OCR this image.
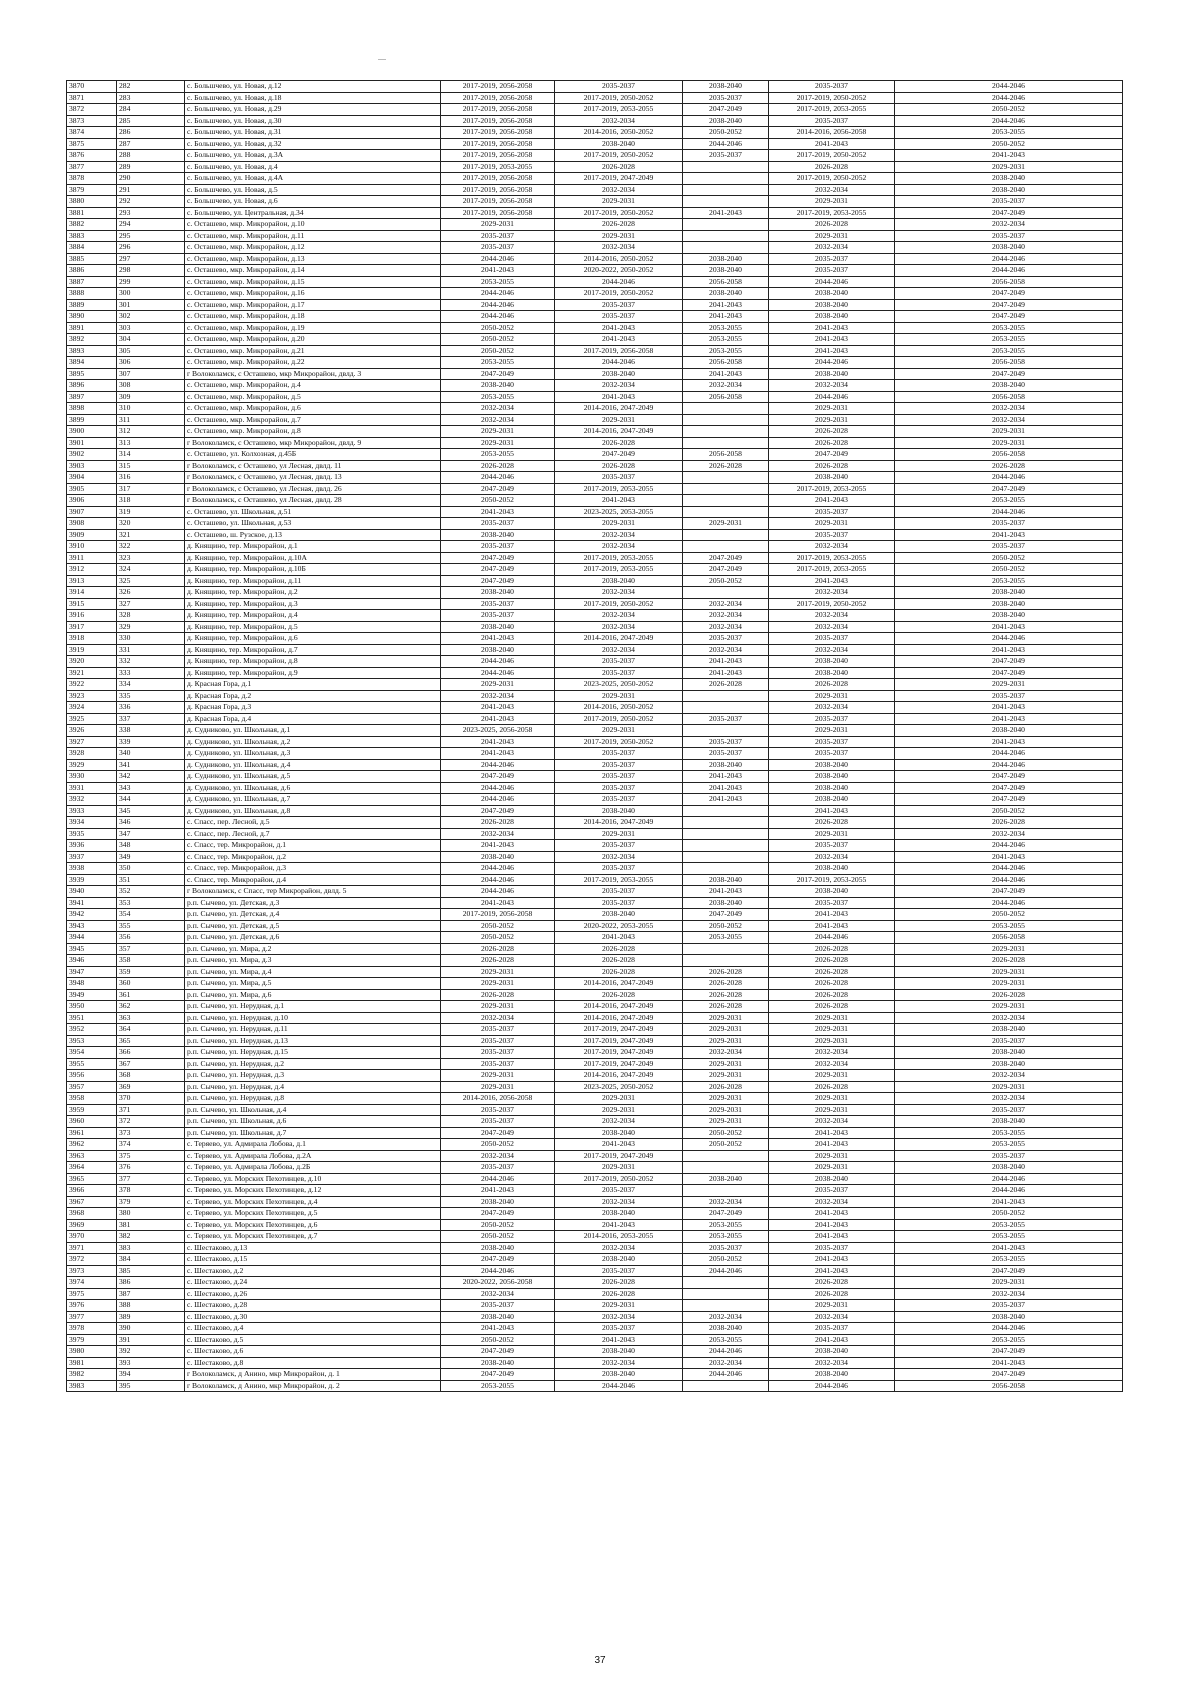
3870	282	с. Большчево, ул. Новая, д.12	2017-2019, 2056-2058	2035-2037	2038-2040	2035-2037	2044-2046
3871	283	с. Большчево, ул. Новая, д.18	2017-2019, 2056-2058	2017-2019, 2050-2052	2035-2037	2017-2019, 2050-2052	2044-2046
3872	284	с. Большчево, ул. Новая, д.29	2017-2019, 2056-2058	2017-2019, 2053-2055	2047-2049	2017-2019, 2053-2055	2050-2052
3873	285	с. Большчево, ул. Новая, д.30	2017-2019, 2056-2058	2032-2034	2038-2040	2035-2037	2044-2046
3874	286	с. Большчево, ул. Новая, д.31	2017-2019, 2056-2058	2014-2016, 2050-2052	2050-2052	2014-2016, 2056-2058	2053-2055
3875	287	с. Большчево, ул. Новая, д.32	2017-2019, 2056-2058	2038-2040	2044-2046	2041-2043	2050-2052
3876	288	с. Большчево, ул. Новая, д.3А	2017-2019, 2056-2058	2017-2019, 2050-2052	2035-2037	2017-2019, 2050-2052	2041-2043
3877	289	с. Большчево, ул. Новая, д.4	2017-2019, 2053-2055	2026-2028		2026-2028	2029-2031
3878	290	с. Большчево, ул. Новая, д.4А	2017-2019, 2056-2058	2017-2019, 2047-2049		2017-2019, 2050-2052	2038-2040
3879	291	с. Большчево, ул. Новая, д.5	2017-2019, 2056-2058	2032-2034		2032-2034	2038-2040
3880	292	с. Большчево, ул. Новая, д.6	2017-2019, 2056-2058	2029-2031		2029-2031	2035-2037
3881	293	с. Большчево, ул. Центральная, д.34	2017-2019, 2056-2058	2017-2019, 2050-2052	2041-2043	2017-2019, 2053-2055	2047-2049
3882	294	с. Осташево, мкр. Микрорайон, д.10	2029-2031	2026-2028		2026-2028	2032-2034
3883	295	с. Осташево, мкр. Микрорайон, д.11	2035-2037	2029-2031		2029-2031	2035-2037
3884	296	с. Осташево, мкр. Микрорайон, д.12	2035-2037	2032-2034		2032-2034	2038-2040
3885	297	с. Осташево, мкр. Микрорайон, д.13	2044-2046	2014-2016, 2050-2052	2038-2040	2035-2037	2044-2046
3886	298	с. Осташево, мкр. Микрорайон, д.14	2041-2043	2020-2022, 2050-2052	2038-2040	2035-2037	2044-2046
3887	299	с. Осташево, мкр. Микрорайон, д.15	2053-2055	2044-2046	2056-2058	2044-2046	2056-2058
3888	300	с. Осташево, мкр. Микрорайон, д.16	2044-2046	2017-2019, 2050-2052	2038-2040	2038-2040	2047-2049
3889	301	с. Осташево, мкр. Микрорайон, д.17	2044-2046	2035-2037	2041-2043	2038-2040	2047-2049
3890	302	с. Осташево, мкр. Микрорайон, д.18	2044-2046	2035-2037	2041-2043	2038-2040	2047-2049
3891	303	с. Осташево, мкр. Микрорайон, д.19	2050-2052	2041-2043	2053-2055	2041-2043	2053-2055
3892	304	с. Осташево, мкр. Микрорайон, д.20	2050-2052	2041-2043	2053-2055	2041-2043	2053-2055
3893	305	с. Осташево, мкр. Микрорайон, д.21	2050-2052	2017-2019, 2056-2058	2053-2055	2041-2043	2053-2055
3894	306	с. Осташево, мкр. Микрорайон, д.22	2053-2055	2044-2046	2056-2058	2044-2046	2056-2058
3895	307	г Волоколамск, с Осташево, мкр Микрорайон, двлд. 3	2047-2049	2038-2040	2041-2043	2038-2040	2047-2049
3896	308	с. Осташево, мкр. Микрорайон, д.4	2038-2040	2032-2034	2032-2034	2032-2034	2038-2040
3897	309	с. Осташево, мкр. Микрорайон, д.5	2053-2055	2041-2043	2056-2058	2044-2046	2056-2058
3898	310	с. Осташево, мкр. Микрорайон, д.6	2032-2034	2014-2016, 2047-2049		2029-2031	2032-2034
3899	311	с. Осташево, мкр. Микрорайон, д.7	2032-2034	2029-2031		2029-2031	2032-2034
3900	312	с. Осташево, мкр. Микрорайон, д.8	2029-2031	2014-2016, 2047-2049		2026-2028	2029-2031
3901	313	г Волоколамск, с Осташево, мкр Микрорайон, двлд. 9	2029-2031	2026-2028		2026-2028	2029-2031
3902	314	с. Осташево, ул. Колхозная, д.45Б	2053-2055	2047-2049	2056-2058	2047-2049	2056-2058
3903	315	г Волоколамск, с Осташево, ул Лесная, двлд. 11	2026-2028	2026-2028	2026-2028	2026-2028	2026-2028
3904	316	г Волоколамск, с Осташево, ул Лесная, двлд. 13	2044-2046	2035-2037		2038-2040	2044-2046
3905	317	г Волоколамск, с Осташево, ул Лесная, двлд. 26	2047-2049	2017-2019, 2053-2055		2017-2019, 2053-2055	2047-2049
3906	318	г Волоколамск, с Осташево, ул Лесная, двлд. 28	2050-2052	2041-2043		2041-2043	2053-2055
3907	319	с. Осташево, ул. Школьная, д.51	2041-2043	2023-2025, 2053-2055		2035-2037	2044-2046
3908	320	с. Осташево, ул. Школьная, д.53	2035-2037	2029-2031	2029-2031	2029-2031	2035-2037
3909	321	с. Осташево, ш. Рузское, д.13	2038-2040	2032-2034		2035-2037	2041-2043
3910	322	д. Княщино, тер. Микрорайон, д.1	2035-2037	2032-2034		2032-2034	2035-2037
3911	323	д. Княщино, тер. Микрорайон, д.10А	2047-2049	2017-2019, 2053-2055	2047-2049	2017-2019, 2053-2055	2050-2052
3912	324	д. Княщино, тер. Микрорайон, д.10Б	2047-2049	2017-2019, 2053-2055	2047-2049	2017-2019, 2053-2055	2050-2052
3913	325	д. Княщино, тер. Микрорайон, д.11	2047-2049	2038-2040	2050-2052	2041-2043	2053-2055
3914	326	д. Княщино, тер. Микрорайон, д.2	2038-2040	2032-2034		2032-2034	2038-2040
3915	327	д. Княщино, тер. Микрорайон, д.3	2035-2037	2017-2019, 2050-2052	2032-2034	2017-2019, 2050-2052	2038-2040
3916	328	д. Княщино, тер. Микрорайон, д.4	2035-2037	2032-2034	2032-2034	2032-2034	2038-2040
3917	329	д. Княщино, тер. Микрорайон, д.5	2038-2040	2032-2034	2032-2034	2032-2034	2041-2043
3918	330	д. Княщино, тер. Микрорайон, д.6	2041-2043	2014-2016, 2047-2049	2035-2037	2035-2037	2044-2046
3919	331	д. Княщино, тер. Микрорайон, д.7	2038-2040	2032-2034	2032-2034	2032-2034	2041-2043
3920	332	д. Княщино, тер. Микрорайон, д.8	2044-2046	2035-2037	2041-2043	2038-2040	2047-2049
3921	333	д. Княщино, тер. Микрорайон, д.9	2044-2046	2035-2037	2041-2043	2038-2040	2047-2049
3922	334	д. Красная Гора, д.1	2029-2031	2023-2025, 2050-2052	2026-2028	2026-2028	2029-2031
3923	335	д. Красная Гора, д.2	2032-2034	2029-2031		2029-2031	2035-2037
3924	336	д. Красная Гора, д.3	2041-2043	2014-2016, 2050-2052		2032-2034	2041-2043
3925	337	д. Красная Гора, д.4	2041-2043	2017-2019, 2050-2052	2035-2037	2035-2037	2041-2043
3926	338	д. Судниково, ул. Школьная, д.1	2023-2025, 2056-2058	2029-2031		2029-2031	2038-2040
3927	339	д. Судниково, ул. Школьная, д.2	2041-2043	2017-2019, 2050-2052	2035-2037	2035-2037	2041-2043
3928	340	д. Судниково, ул. Школьная, д.3	2041-2043	2035-2037	2035-2037	2035-2037	2044-2046
3929	341	д. Судниково, ул. Школьная, д.4	2044-2046	2035-2037	2038-2040	2038-2040	2044-2046
3930	342	д. Судниково, ул. Школьная, д.5	2047-2049	2035-2037	2041-2043	2038-2040	2047-2049
3931	343	д. Судниково, ул. Школьная, д.6	2044-2046	2035-2037	2041-2043	2038-2040	2047-2049
3932	344	д. Судниково, ул. Школьная, д.7	2044-2046	2035-2037	2041-2043	2038-2040	2047-2049
3933	345	д. Судниково, ул. Школьная, д.8	2047-2049	2038-2040		2041-2043	2050-2052
3934	346	с. Спасс, пер. Лесной, д.5	2026-2028	2014-2016, 2047-2049		2026-2028	2026-2028
3935	347	с. Спасс, пер. Лесной, д.7	2032-2034	2029-2031		2029-2031	2032-2034
3936	348	с. Спасс, тер. Микрорайон, д.1	2041-2043	2035-2037		2035-2037	2044-2046
3937	349	с. Спасс, тер. Микрорайон, д.2	2038-2040	2032-2034		2032-2034	2041-2043
3938	350	с. Спасс, тер. Микрорайон, д.3	2044-2046	2035-2037		2038-2040	2044-2046
3939	351	с. Спасс, тер. Микрорайон, д.4	2044-2046	2017-2019, 2053-2055	2038-2040	2017-2019, 2053-2055	2044-2046
3940	352	г Волоколамск, с Спасс, тер Микрорайон, двлд. 5	2044-2046	2035-2037	2041-2043	2038-2040	2047-2049
3941	353	р.п. Сычево, ул. Детская, д.3	2041-2043	2035-2037	2038-2040	2035-2037	2044-2046
3942	354	р.п. Сычево, ул. Детская, д.4	2017-2019, 2056-2058	2038-2040	2047-2049	2041-2043	2050-2052
3943	355	р.п. Сычево, ул. Детская, д.5	2050-2052	2020-2022, 2053-2055	2050-2052	2041-2043	2053-2055
3944	356	р.п. Сычево, ул. Детская, д.6	2050-2052	2041-2043	2053-2055	2044-2046	2056-2058
3945	357	р.п. Сычево, ул. Мира, д.2	2026-2028	2026-2028		2026-2028	2029-2031
3946	358	р.п. Сычево, ул. Мира, д.3	2026-2028	2026-2028		2026-2028	2026-2028
3947	359	р.п. Сычево, ул. Мира, д.4	2029-2031	2026-2028	2026-2028	2026-2028	2029-2031
3948	360	р.п. Сычево, ул. Мира, д.5	2029-2031	2014-2016, 2047-2049	2026-2028	2026-2028	2029-2031
3949	361	р.п. Сычево, ул. Мира, д.6	2026-2028	2026-2028	2026-2028	2026-2028	2026-2028
3950	362	р.п. Сычево, ул. Нерудная, д.1	2029-2031	2014-2016, 2047-2049	2026-2028	2026-2028	2029-2031
3951	363	р.п. Сычево, ул. Нерудная, д.10	2032-2034	2014-2016, 2047-2049	2029-2031	2029-2031	2032-2034
3952	364	р.п. Сычево, ул. Нерудная, д.11	2035-2037	2017-2019, 2047-2049	2029-2031	2029-2031	2038-2040
3953	365	р.п. Сычево, ул. Нерудная, д.13	2035-2037	2017-2019, 2047-2049	2029-2031	2029-2031	2035-2037
3954	366	р.п. Сычево, ул. Нерудная, д.15	2035-2037	2017-2019, 2047-2049	2032-2034	2032-2034	2038-2040
3955	367	р.п. Сычево, ул. Нерудная, д.2	2035-2037	2017-2019, 2047-2049	2029-2031	2032-2034	2038-2040
3956	368	р.п. Сычево, ул. Нерудная, д.3	2029-2031	2014-2016, 2047-2049	2029-2031	2029-2031	2032-2034
3957	369	р.п. Сычево, ул. Нерудная, д.4	2029-2031	2023-2025, 2050-2052	2026-2028	2026-2028	2029-2031
3958	370	р.п. Сычево, ул. Нерудная, д.8	2014-2016, 2056-2058	2029-2031	2029-2031	2029-2031	2032-2034
3959	371	р.п. Сычево, ул. Школьная, д.4	2035-2037	2029-2031	2029-2031	2029-2031	2035-2037
3960	372	р.п. Сычево, ул. Школьная, д.6	2035-2037	2032-2034	2029-2031	2032-2034	2038-2040
3961	373	р.п. Сычево, ул. Школьная, д.7	2047-2049	2038-2040	2050-2052	2041-2043	2053-2055
3962	374	с. Теряево, ул. Адмирала Лобова, д.1	2050-2052	2041-2043	2050-2052	2041-2043	2053-2055
3963	375	с. Теряево, ул. Адмирала Лобова, д.2А	2032-2034	2017-2019, 2047-2049		2029-2031	2035-2037
3964	376	с. Теряево, ул. Адмирала Лобова, д.2Б	2035-2037	2029-2031		2029-2031	2038-2040
3965	377	с. Теряево, ул. Морских Пехотинцев, д.10	2044-2046	2017-2019, 2050-2052	2038-2040	2038-2040	2044-2046
3966	378	с. Теряево, ул. Морских Пехотинцев, д.12	2041-2043	2035-2037		2035-2037	2044-2046
3967	379	с. Теряево, ул. Морских Пехотинцев, д.4	2038-2040	2032-2034	2032-2034	2032-2034	2041-2043
3968	380	с. Теряево, ул. Морских Пехотинцев, д.5	2047-2049	2038-2040	2047-2049	2041-2043	2050-2052
3969	381	с. Теряево, ул. Морских Пехотинцев, д.6	2050-2052	2041-2043	2053-2055	2041-2043	2053-2055
3970	382	с. Теряево, ул. Морских Пехотинцев, д.7	2050-2052	2014-2016, 2053-2055	2053-2055	2041-2043	2053-2055
3971	383	с. Шестаково, д.13	2038-2040	2032-2034	2035-2037	2035-2037	2041-2043
3972	384	с. Шестаково, д.15	2047-2049	2038-2040	2050-2052	2041-2043	2053-2055
3973	385	с. Шестаково, д.2	2044-2046	2035-2037	2044-2046	2041-2043	2047-2049
3974	386	с. Шестаково, д.24	2020-2022, 2056-2058	2026-2028		2026-2028	2029-2031
3975	387	с. Шестаково, д.26	2032-2034	2026-2028		2026-2028	2032-2034
3976	388	с. Шестаково, д.28	2035-2037	2029-2031		2029-2031	2035-2037
3977	389	с. Шестаково, д.30	2038-2040	2032-2034	2032-2034	2032-2034	2038-2040
3978	390	с. Шестаково, д.4	2041-2043	2035-2037	2038-2040	2035-2037	2044-2046
3979	391	с. Шестаково, д.5	2050-2052	2041-2043	2053-2055	2041-2043	2053-2055
3980	392	с. Шестаково, д.6	2047-2049	2038-2040	2044-2046	2038-2040	2047-2049
3981	393	с. Шестаково, д.8	2038-2040	2032-2034	2032-2034	2032-2034	2041-2043
3982	394	г Волоколамск, д Анино, мкр Микрорайон, д. 1	2047-2049	2038-2040	2044-2046	2038-2040	2047-2049
3983	395	г Волоколамск, д Анино, мкр Микрорайон, д. 2	2053-2055	2044-2046		2044-2046	2056-2058
37
